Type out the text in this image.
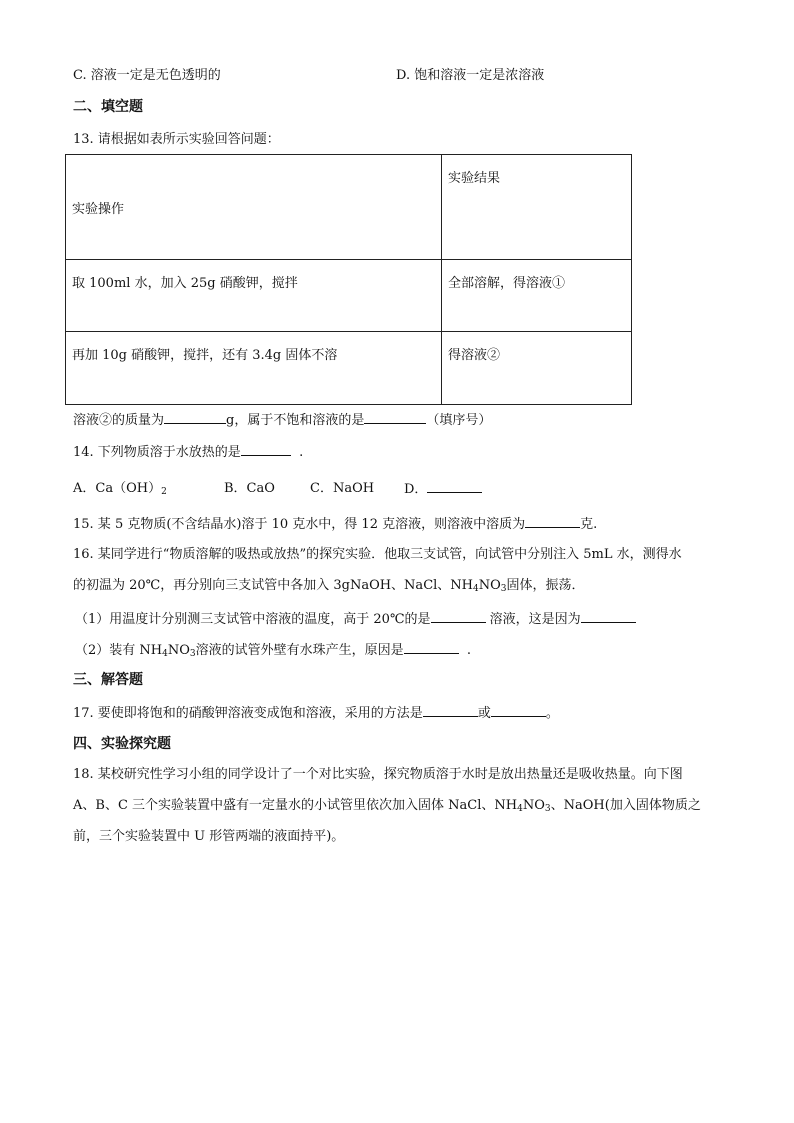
C. 溶液一定是无色透明的	D. 饱和溶液一定是浓溶液
二、填空题
13. 请根据如表所示实验回答问题：
实验操作	实验结果
取 100ml 水，加入 25g 硝酸钾，搅拌	全部溶解，得溶液①
再加 10g 硝酸钾，搅拌，还有 3.4g 固体不溶	得溶液②
溶液②的质量为	g，属于不饱和溶液的是	（填序号）
14. 下列物质溶于水放热的是	.
A．$Ca(OH)_2$	B．CaO	C．NaOH D．
15. 某 5 克物质(不含结晶水)溶于 10 克水中，得 12 克溶液，则溶液中溶质为	克.
16. 某同学进行“物质溶解的吸热或放热”的探究实验．他取三支试管，向试管中分别注入 5mL 水，测得水
的初温为 20℃，再分别向三支试管中各加入 3gNaOH、NaCl、$NH_4NO_3$固体，振荡．
（1）用温度计分别测三支试管中溶液的温度，高于 20℃的是	溶液，这是因为
（2）装有 $NH_4NO_3$溶液的试管外壁有水珠产生，原因是	.
三、解答题
17. 要使即将饱和的硝酸钾溶液变成饱和溶液，采用的方法是	或	。
四、实验探究题
18. 某校研究性学习小组的同学设计了一个对比实验，探究物质溶于水时是放出热量还是吸收热量。向下图
A、B、C 三个实验装置中盛有一定量水的小试管里依次加入固体 NaCl、$NH_4NO_3$、NaOH(加入固体物质之
前，三个实验装置中 U 形管两端的液面持平)。
